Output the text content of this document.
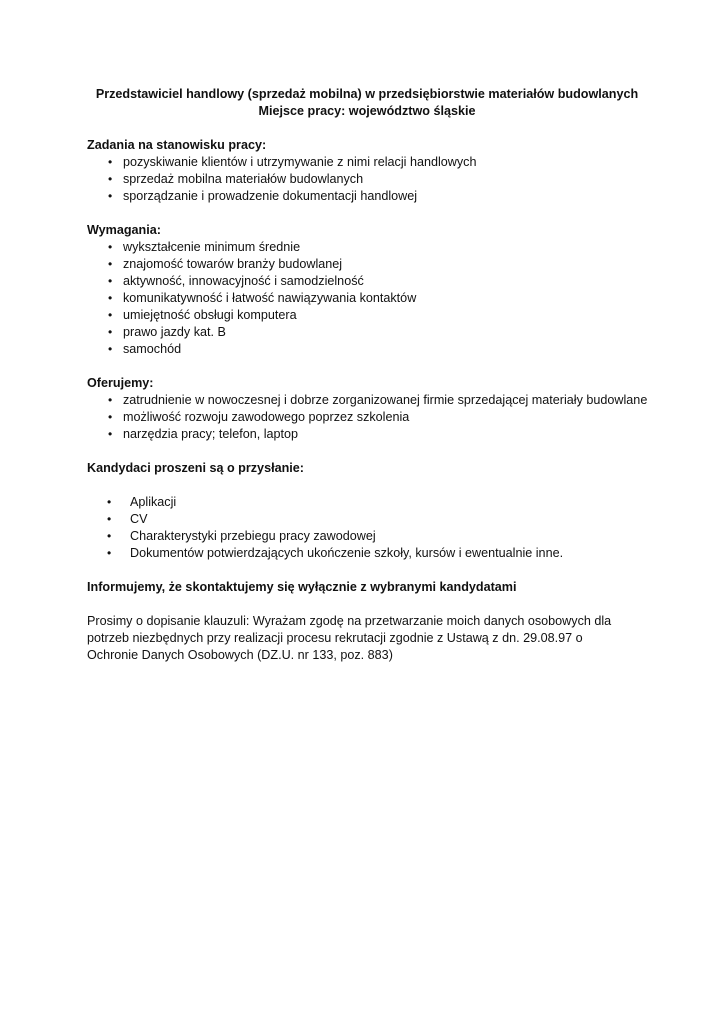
Przedstawiciel handlowy (sprzedaż mobilna) w przedsiębiorstwie materiałów budowlanych
Miejsce pracy: województwo śląskie

Zadania na stanowisku pracy:

• pozyskiwanie klientów i utrzymywanie z nimi relacji handlowych
• sprzedaż mobilna materiałów budowlanych
• sporządzanie i prowadzenie dokumentacji handlowej

Wymagania:

• wykształcenie minimum średnie
• znajomość towarów branży budowlanej
• aktywność, innowacyjność i samodzielność
• komunikatywność i łatwość nawiązywania kontaktów
• umiejętność obsługi komputera
• prawo jazdy kat. B
• samochód

Oferujemy:

• zatrudnienie w nowoczesnej i dobrze zorganizowanej firmie sprzedającej materiały budowlane
• możliwość rozwoju zawodowego poprzez szkolenia
• narzędzia pracy; telefon, laptop

Kandydaci proszeni są o przysłanie:

• Aplikacji
• CV
• Charakterystyki przebiegu pracy zawodowej
• Dokumentów potwierdzających ukończenie szkoły, kursów i ewentualnie inne.

Informujemy, że skontaktujemy się wyłącznie z wybranymi kandydatami

Prosimy o dopisanie klauzuli: Wyrażam zgodę na przetwarzanie moich danych osobowych dla potrzeb niezbędnych przy realizacji procesu rekrutacji zgodnie z Ustawą z dn. 29.08.97 o Ochronie Danych Osobowych (DZ.U. nr 133, poz. 883)
